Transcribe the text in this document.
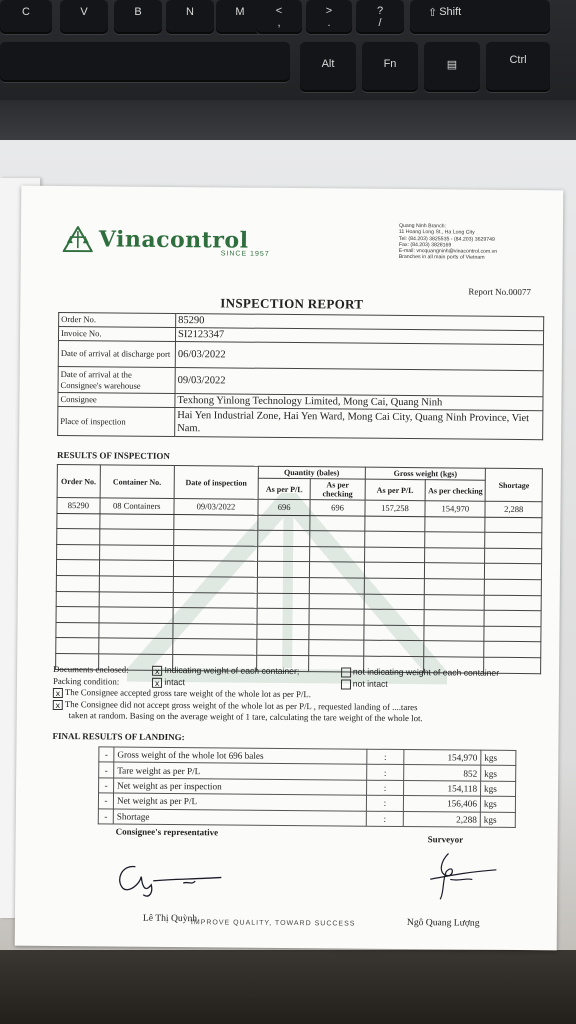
C	V	B	N	M	<
,
>
.
?
/
⇧ Shift
Alt	Fn	▤	Ctrl
Vinacontrol
SINCE 1957
Quang Ninh Branch:
11 Hoang Long St., Ha Long City
Tel: (84.203) 3825535 - (84.203) 3629749
Fax: (84.203) 3828169
E-mail: vncquangninh@vinacontrol.com.vn
Branches in all main ports of Vietnam
Report No.00077
INSPECTION REPORT
Order No.	85290
Invoice No.	SI2123347
Date of arrival at discharge port	06/03/2022
Date of arrival at the Consignee's warehouse	09/03/2022
Consignee	Texhong Yinlong Technology Limited, Mong Cai, Quang Ninh
Place of inspection	Hai Yen Industrial Zone, Hai Yen Ward, Mong Cai City, Quang Ninh Province, Viet Nam.
RESULTS OF INSPECTION
Order No.	Container No.	Date of inspection	Quantity (bales)		Gross weight (kgs)		Shortage
			As per P/L	As per checking	As per P/L	As per checking	
85290	08 Containers	09/03/2022	696	696	157,258	154,970	2,288

Documents enclosed:	x Indicating weight of each container;	not indicating weight of each container
Packing condition:	x intact	not intact
x The Consignee accepted gross tare weight of the whole lot as per P/L.
x The Consignee did not accept gross weight of the whole lot as per P/L , requested landing of ....tares
taken at random. Basing on the average weight of 1 tare, calculating the tare weight of the whole lot.
FINAL RESULTS OF LANDING:
-	Gross weight of the whole lot 696 bales	:	154,970	kgs
-	Tare weight as per P/L	:	852	kgs
-	Net weight as per inspection	:	154,118	kgs
-	Net weight as per P/L	:	156,406	kgs
-	Shortage	:	2,288	kgs
Consignee's representative
Surveyor
Lê Thị Quỳnh	Ngô Quang Lượng
IMPROVE QUALITY, TOWARD SUCCESS
